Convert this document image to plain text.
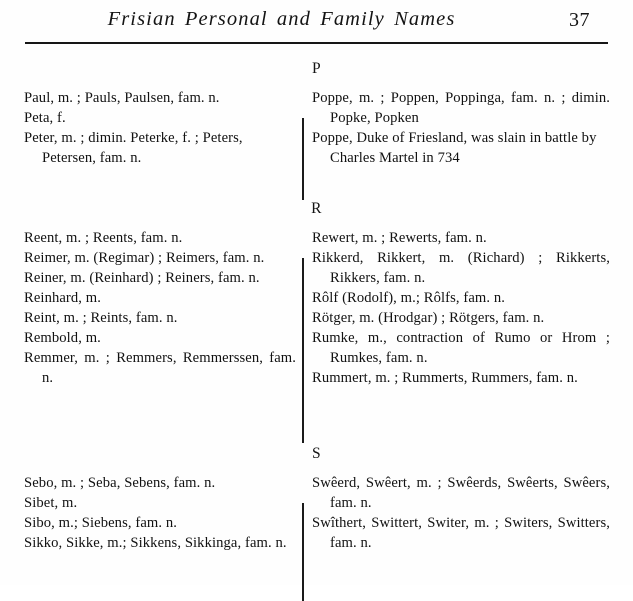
Frisian Personal and Family Names	37
P

Paul, m. ; Pauls, Paulsen, fam. n.

Peta, f.

Peter, m. ; dimin. Peterke, f. ; Peters, Petersen, fam. n.

Poppe, m. ; Poppen, Poppinga, fam. n. ; dimin. Popke, Popken

Poppe, Duke of Friesland, was slain in battle by Charles Martel in 734

R

Reent, m. ; Reents, fam. n.

Reimer, m. (Regimar) ; Reimers, fam. n.

Reiner, m. (Reinhard) ; Reiners, fam. n.

Reinhard, m.

Reint, m. ; Reints, fam. n.

Rembold, m.

Remmer, m. ; Remmers, Remmerssen, fam. n.

Rewert, m. ; Rewerts, fam. n.

Rikkerd, Rikkert, m. (Richard) ; Rikkerts, Rikkers, fam. n.

Rôlf (Rodolf), m.; Rôlfs, fam. n.

Rötger, m. (Hrodgar) ; Rötgers, fam. n.

Rumke, m., contraction of Rumo or Hrom ; Rumkes, fam. n.

Rummert, m. ; Rummerts, Rummers, fam. n.

S

Sebo, m. ; Seba, Sebens, fam. n.

Sibet, m.

Sibo, m.; Siebens, fam. n.

Sikko, Sikke, m.; Sikkens, Sikkinga, fam. n.

Swêerd, Swêert, m. ; Swêerds, Swêerts, Swêers, fam. n.

Swîthert, Swittert, Switer, m. ; Switers, Switters, fam. n.
